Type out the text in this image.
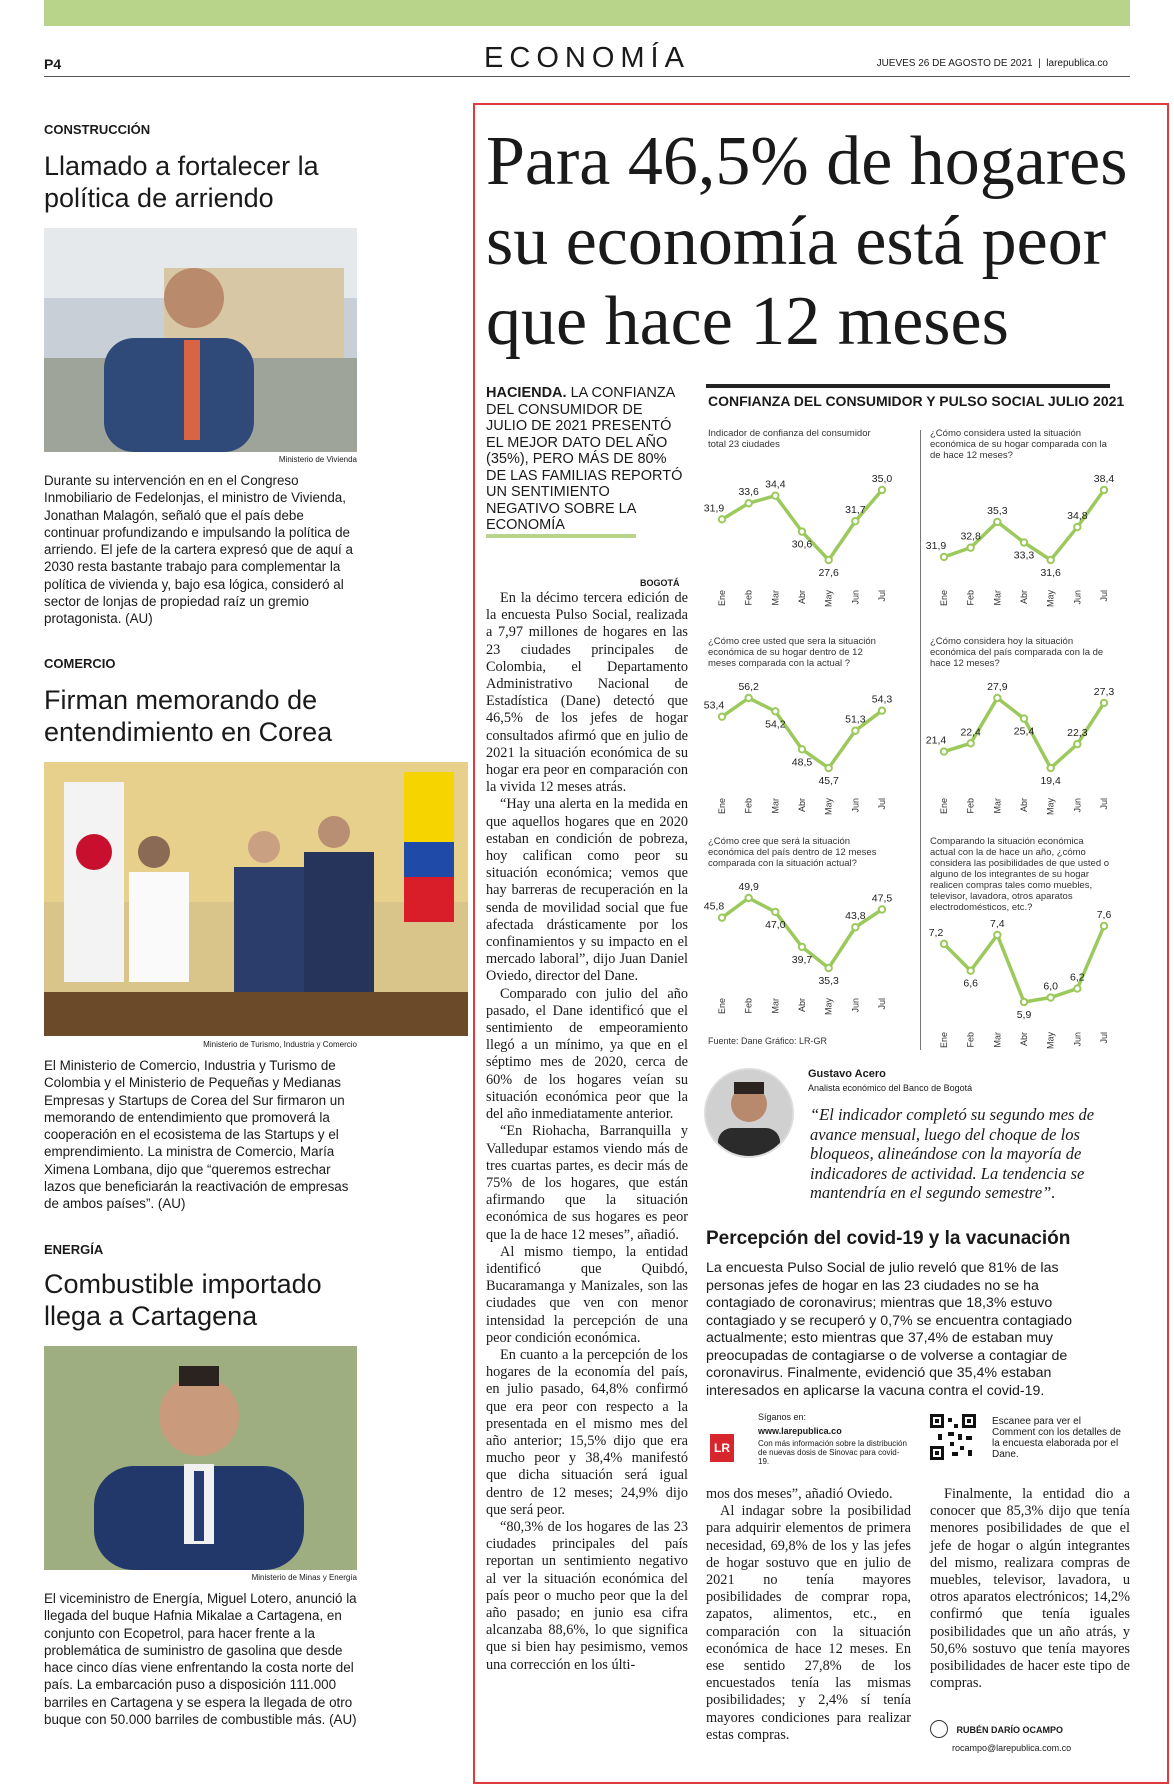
P4	ECONOMÍA	JUEVES 26 DE AGOSTO DE 2021  |  larepublica.co
CONSTRUCCIÓN
Llamado a fortalecer la política de arriendo
Ministerio de Vivienda
Durante su intervención en en el Congreso Inmobiliario de Fedelonjas, el ministro de Vivienda, Jonathan Malagón, señaló que el país debe continuar profundizando e impulsando la política de arriendo. El jefe de la cartera expresó que de aquí a 2030 resta bastante trabajo para complementar la política de vivienda y, bajo esa lógica, consideró al sector de lonjas de propiedad raíz un gremio protagonista. (AU)
COMERCIO
Firman memorando de entendimiento en Corea
Ministerio de Turismo, Industria y Comercio
El Ministerio de Comercio, Industria y Turismo de Colombia y el Ministerio de Pequeñas y Medianas Empresas y Startups de Corea del Sur firmaron un memorando de entendimiento que promoverá la cooperación en el ecosistema de las Startups y el emprendimiento. La ministra de Comercio, María Ximena Lombana, dijo que “queremos estrechar lazos que beneficiarán la reactivación de empresas de ambos países”. (AU)
ENERGÍA
Combustible importado llega a Cartagena
Ministerio de Minas y Energía
El viceministro de Energía, Miguel Lotero, anunció la llegada del buque Hafnia Mikalae a Cartagena, en conjunto con Ecopetrol, para hacer frente a la problemática de suministro de gasolina que desde hace cinco días viene enfrentando la costa norte del país. La embarcación puso a disposición 111.000 barriles en Cartagena y se espera la llegada de otro buque con 50.000 barriles de combustible más. (AU)
Para 46,5% de hogares su economía está peor que hace 12 meses
HACIENDA. LA CONFIANZA DEL CONSUMIDOR DE JULIO DE 2021 PRESENTÓ EL MEJOR DATO DEL AÑO (35%), PERO MÁS DE 80% DE LAS FAMILIAS REPORTÓ UN SENTIMIENTO NEGATIVO SOBRE LA ECONOMÍA
BOGOTÁ

En la décimo tercera edición de la encuesta Pulso Social, realizada a 7,97 millones de hogares en las 23 ciudades principales de Colombia, el Departamento Administrativo Nacional de Estadística (Dane) detectó que 46,5% de los jefes de hogar consultados afirmó que en julio de 2021 la situación económica de su hogar era peor en comparación con la vivida 12 meses atrás.

“Hay una alerta en la medida en que aquellos hogares que en 2020 estaban en condición de pobreza, hoy califican como peor su situación económica; vemos que hay barreras de recuperación en la senda de movilidad social que fue afectada drásticamente por los confinamientos y su impacto en el mercado laboral”, dijo Juan Daniel Oviedo, director del Dane.

Comparado con julio del año pasado, el Dane identificó que el sentimiento de empeoramiento llegó a un mínimo, ya que en el séptimo mes de 2020, cerca de 60% de los hogares veían su situación económica peor que la del año inmediatamente anterior.

“En Riohacha, Barranquilla y Valledupar estamos viendo más de tres cuartas partes, es decir más de 75% de los hogares, que están afirmando que la situación económica de sus hogares es peor que la de hace 12 meses”, añadió.

Al mismo tiempo, la entidad identificó que Quibdó, Bucaramanga y Manizales, son las ciudades que ven con menor intensidad la percepción de una peor condición económica.

En cuanto a la percepción de los hogares de la economía del país, en julio pasado, 64,8% confirmó que era peor con respecto a la presentada en el mismo mes del año anterior; 15,5% dijo que era mucho peor y 38,4% manifestó que dicha situación será igual dentro de 12 meses; 24,9% dijo que será peor.

“80,3% de los hogares de las 23 ciudades principales del país reportan un sentimiento negativo al ver la situación económica del país peor o mucho peor que la del año pasado; en junio esa cifra alcanzaba 88,6%, lo que significa que si bien hay pesimismo, vemos una corrección en los últi-

mos dos meses”, añadió Oviedo.

Al indagar sobre la posibilidad para adquirir elementos de primera necesidad, 69,8% de los y las jefes de hogar sostuvo que en julio de 2021 no tenía mayores posibilidades de comprar ropa, zapatos, alimentos, etc., en comparación con la situación económica de hace 12 meses. En ese sentido 27,8% de los encuestados tenía las mismas posibilidades; y 2,4% sí tenía mayores condiciones para realizar estas compras.

Finalmente, la entidad dio a conocer que 85,3% dijo que tenía menores posibilidades de que el jefe de hogar o algún integrantes del mismo, realizara compras de muebles, televisor, lavadora, u otros aparatos electrónicos; 14,2% confirmó que tenía iguales posibilidades que un año atrás, y 50,6% sostuvo que tenía mayores posibilidades de hacer este tipo de compras.

CONFIANZA DEL CONSUMIDOR Y PULSO SOCIAL JULIO 2021
Indicador de confianza del consumidor total 23 ciudades
31,9
Ene
33,6
Feb
34,4
Mar
30,6
Abr
27,6
May
31,7
Jun
35,0
Jul
¿Cómo considera usted la situación económica de su hogar comparada con la de hace 12 meses?
31,9
Ene
32,8
Feb
35,3
Mar
33,3
Abr
31,6
May
34,8
Jun
38,4
Jul
¿Cómo cree usted que sera la situación económica de su hogar dentro de 12 meses comparada con la actual ?
53,4
Ene
56,2
Feb
54,2
Mar
48,5
Abr
45,7
May
51,3
Jun
54,3
Jul
¿Cómo considera hoy la situación económica del país comparada con la de hace 12 meses?
21,4
Ene
22,4
Feb
27,9
Mar
25,4
Abr
19,4
May
22,3
Jun
27,3
Jul
¿Cómo cree que será la situación económica del país dentro de 12 meses comparada con la situación actual?
45,8
Ene
49,9
Feb
47,0
Mar
39,7
Abr
35,3
May
43,8
Jun
47,5
Jul
Comparando la situación económica actual con la de hace un año, ¿cómo considera las posibilidades de que usted o alguno de los integrantes de su hogar realicen compras tales como muebles, televisor, lavadora, otros aparatos electrodomésticos, etc.?
7,2
Ene
6,6
Feb
7,4
Mar
5,9
Abr
6,0
May
6,2
Jun
7,6
Jul
Fuente: Dane Gráfico: LR-GR
Gustavo Acero
Analista económico del Banco de Bogotá
“El indicador completó su segundo mes de avance mensual, luego del choque de los bloqueos, alineándose con la mayoría de indicadores de actividad. La tendencia se mantendría en el segundo semestre”.
Percepción del covid-19 y la vacunación
La encuesta Pulso Social de julio reveló que 81% de las personas jefes de hogar en las 23 ciudades no se ha contagiado de coronavirus; mientras que 18,3% estuvo contagiado y se recuperó y 0,7% se encuentra contagiado actualmente; esto mientras que 37,4% de estaban muy preocupadas de contagiarse o de volverse a contagiar de coronavirus. Finalmente, evidenció que 35,4% estaban interesados en aplicarse la vacuna contra el covid-19.
LR
Síganos en:
www.larepublica.co
Con más información sobre la distribución de nuevas dosis de Sinovac para covid-19.
Escanee para ver el Comment con los detalles de la encuesta elaborada por el Dane.
RUBÉN DARÍO OCAMPO
rocampo@larepublica.com.co
